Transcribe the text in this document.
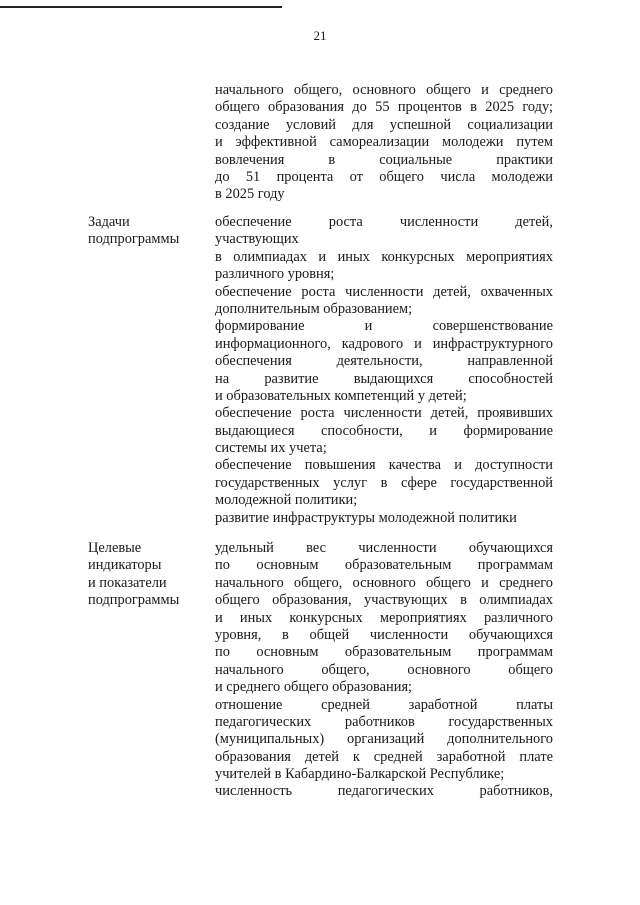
21
начального общего, основного общего и среднего
общего образования до 55 процентов в 2025 году;
создание условий для успешной социализации
и эффективной самореализации молодежи путем
вовлечения в социальные практики
до 51 процента от общего числа молодежи
в 2025 году
Задачи
подпрограммы
обеспечение роста численности детей,
участвующих
в олимпиадах и иных конкурсных мероприятиях
различного уровня;
обеспечение роста численности детей, охваченных
дополнительным образованием;
формирование и совершенствование
информационного, кадрового и инфраструктурного
обеспечения деятельности, направленной
на развитие выдающихся способностей
и образовательных компетенций у детей;
обеспечение роста численности детей, проявивших
выдающиеся способности, и формирование
системы их учета;
обеспечение повышения качества и доступности
государственных услуг в сфере государственной
молодежной политики;
развитие инфраструктуры молодежной политики
Целевые
индикаторы
и показатели
подпрограммы
удельный вес численности обучающихся
по основным образовательным программам
начального общего, основного общего и среднего
общего образования, участвующих в олимпиадах
и иных конкурсных мероприятиях различного
уровня, в общей численности обучающихся
по основным образовательным программам
начального общего, основного общего
и среднего общего образования;
отношение средней заработной платы
педагогических работников государственных
(муниципальных) организаций дополнительного
образования детей к средней заработной плате
учителей в Кабардино-Балкарской Республике;
численность педагогических работников,
